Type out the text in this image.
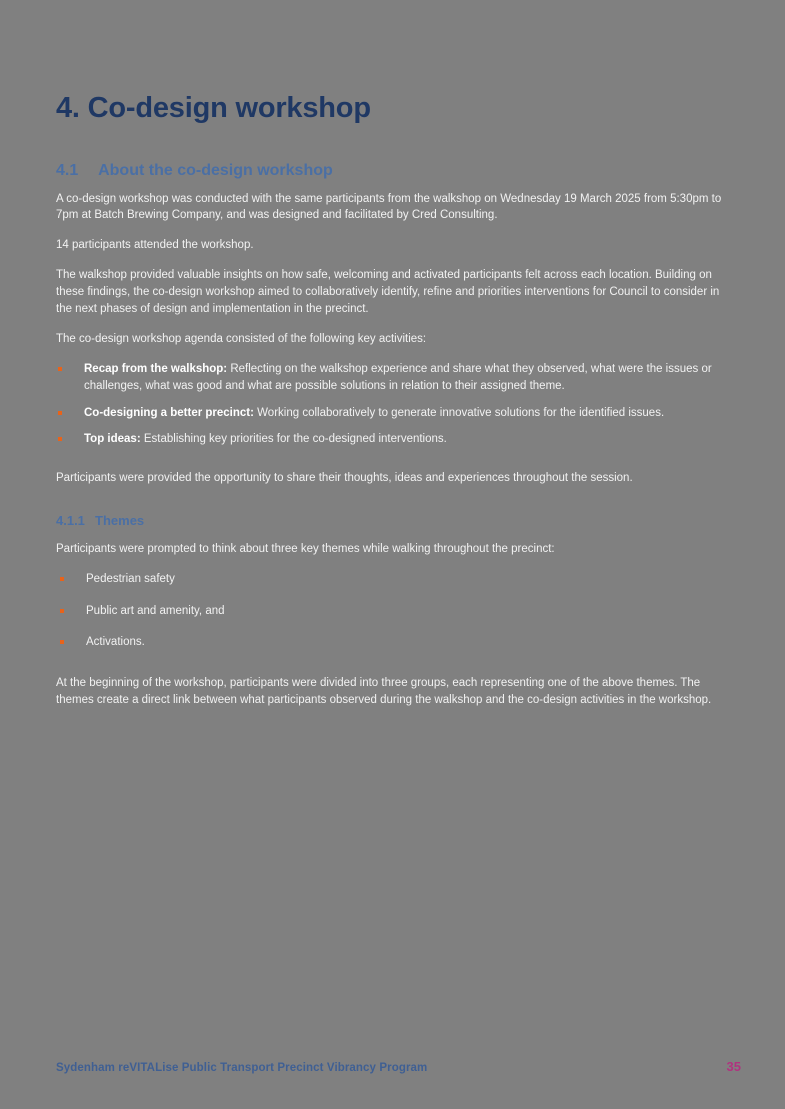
4. Co-design workshop
4.1  About the co-design workshop

A co-design workshop was conducted with the same participants from the walkshop on Wednesday 19 March 2025 from 5:30pm to 7pm at Batch Brewing Company, and was designed and facilitated by Cred Consulting.

14 participants attended the workshop.

The walkshop provided valuable insights on how safe, welcoming and activated participants felt across each location. Building on these findings, the co-design workshop aimed to collaboratively identify, refine and priorities interventions for Council to consider in the next phases of design and implementation in the precinct.

The co-design workshop agenda consisted of the following key activities:

Recap from the walkshop: Reflecting on the walkshop experience and share what they observed, what were the issues or challenges, what was good and what are possible solutions in relation to their assigned theme.
Co-designing a better precinct: Working collaboratively to generate innovative solutions for the identified issues.
Top ideas: Establishing key priorities for the co-designed interventions.

Participants were provided the opportunity to share their thoughts, ideas and experiences throughout the session.

4.1.1  Themes

Participants were prompted to think about three key themes while walking throughout the precinct:

Pedestrian safety
Public art and amenity, and
Activations.

At the beginning of the workshop, participants were divided into three groups, each representing one of the above themes. The themes create a direct link between what participants observed during the walkshop and the co-design activities in the workshop.

Sydenham reVITALise Public Transport Precinct Vibrancy Program	35
